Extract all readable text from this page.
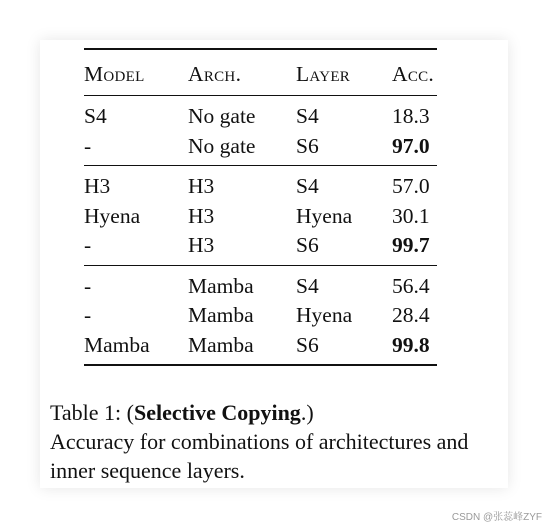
Model	Arch.	Layer	Acc.
S4	No gate	S4	18.3
-	No gate	S6	97.0
H3	H3	S4	57.0
Hyena	H3	Hyena	30.1
-	H3	S6	99.7
-	Mamba	S4	56.4
-	Mamba	Hyena	28.4
Mamba	Mamba	S6	99.8
Table 1: (Selective Copying.)
Accuracy for combinations of architectures and inner sequence layers.
CSDN @张蕊峰ZYF
